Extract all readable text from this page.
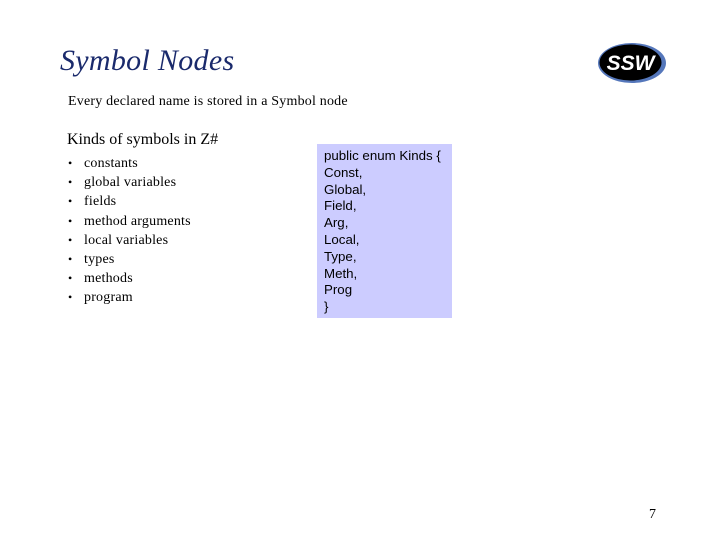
Symbol Nodes	SSW
Every declared name is stored in a Symbol node
Kinds of symbols in Z#
• constants
• global variables
• fields
• method arguments
• local variables
• types
• methods
• program
public enum Kinds {
Const,
Global,
Field,
Arg,
Local,
Type,
Meth,
Prog
}
7
